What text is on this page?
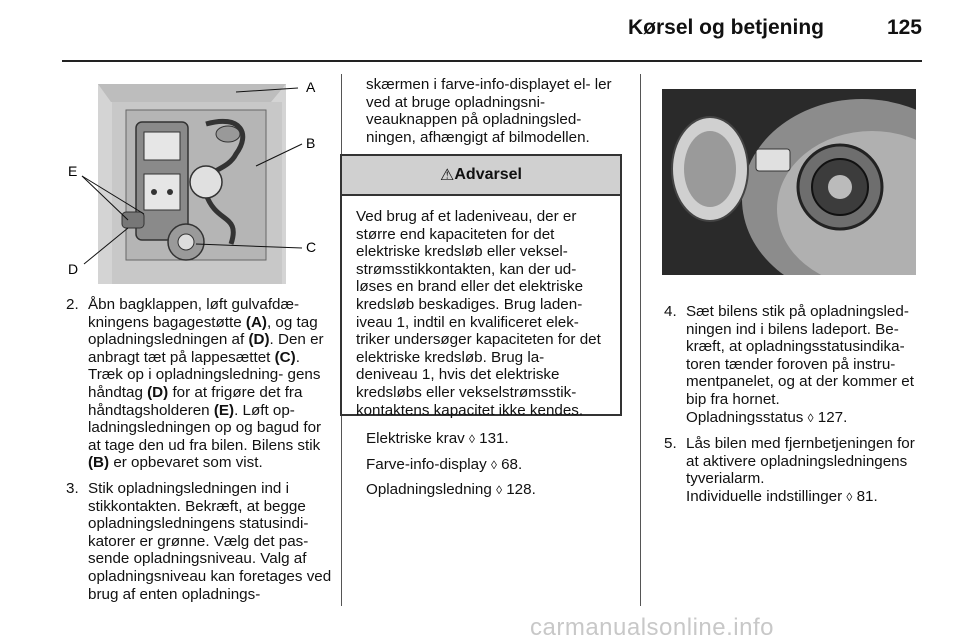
Kørsel og betjening	125
A
B
C
D
E
2. Åbn bagklappen, løft gulvafdæ- kningens bagagestøtte (A), og tag opladningsledningen af (D). Den er anbragt tæt på lappesættet (C). Træk op i opladningsledning- gens håndtag (D) for at frigøre det fra håndtagsholderen (E). Løft op- ladningsledningen op og bagud for at tage den ud fra bilen. Bilens stik (B) er opbevaret som vist.

3. Stik opladningsledningen ind i stikkontakten. Bekræft, at begge opladningsledningens statusindi- katorer er grønne. Vælg det pas- sende opladningsniveau. Valg af opladningsniveau kan foretages ved brug af enten opladnings-

skærmen i farve-info-displayet el- ler ved at bruge opladningsni- veauknappen på opladningsled- ningen, afhængigt af bilmodellen.

⚠ Advarsel
Ved brug af et ladeniveau, der er større end kapaciteten for det elektriske kredsløb eller veksel- strømsstikkontakten, kan der ud- løses en brand eller det elektriske kredsløb beskadiges. Brug laden- iveau 1, indtil en kvalificeret elek- triker undersøger kapaciteten for det elektriske kredsløb. Brug la- deniveau 1, hvis det elektriske kredsløbs eller vekselstrømsstik- kontaktens kapacitet ikke kendes.

Elektriske krav ◊ 131.

Farve-info-display ◊ 68.

Opladningsledning ◊ 128.

4. Sæt bilens stik på opladningsled- ningen ind i bilens ladeport. Be- kræft, at opladningsstatusindika- toren tænder foroven på instru- mentpanelet, og at der kommer et bip fra hornet.

Opladningsstatus ◊ 127.

5. Lås bilen med fjernbetjeningen for at aktivere opladningsledningens tyverialarm.

Individuelle indstillinger ◊ 81.

carmanualsonline.info
